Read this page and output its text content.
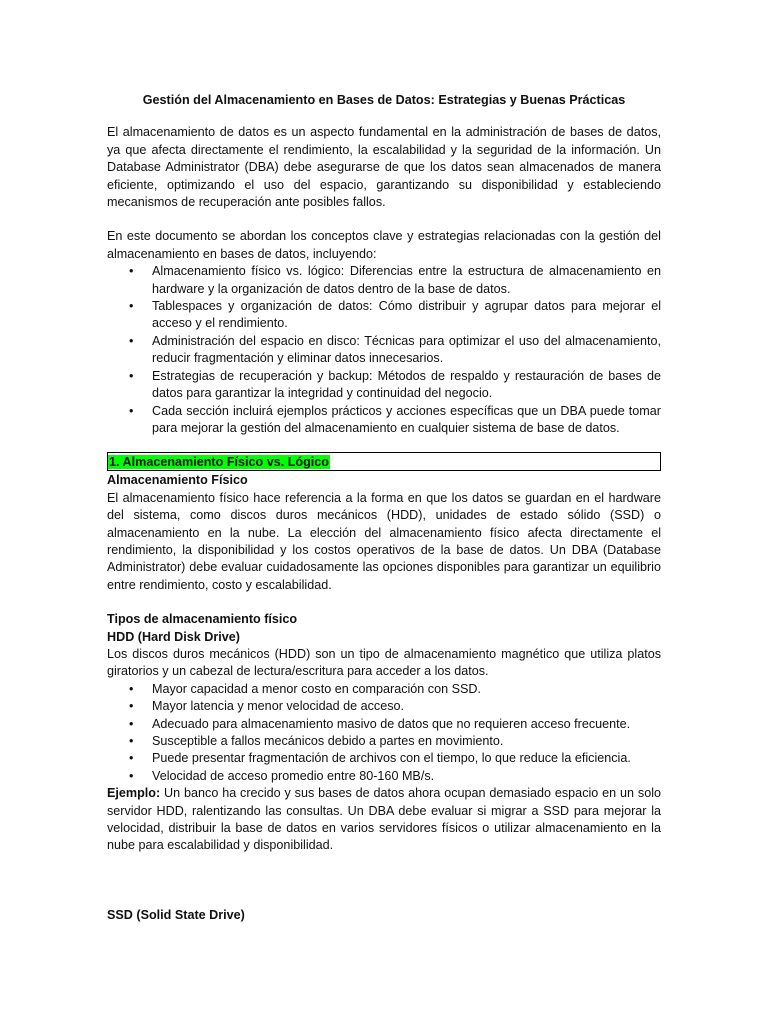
Gestión del Almacenamiento en Bases de Datos: Estrategias y Buenas Prácticas

El almacenamiento de datos es un aspecto fundamental en la administración de bases de datos, ya que afecta directamente el rendimiento, la escalabilidad y la seguridad de la información. Un Database Administrator (DBA) debe asegurarse de que los datos sean almacenados de manera eficiente, optimizando el uso del espacio, garantizando su disponibilidad y estableciendo mecanismos de recuperación ante posibles fallos.

En este documento se abordan los conceptos clave y estrategias relacionadas con la gestión del almacenamiento en bases de datos, incluyendo:

• Almacenamiento físico vs. lógico: Diferencias entre la estructura de almacenamiento en hardware y la organización de datos dentro de la base de datos.
• Tablespaces y organización de datos: Cómo distribuir y agrupar datos para mejorar el acceso y el rendimiento.
• Administración del espacio en disco: Técnicas para optimizar el uso del almacenamiento, reducir fragmentación y eliminar datos innecesarios.
• Estrategias de recuperación y backup: Métodos de respaldo y restauración de bases de datos para garantizar la integridad y continuidad del negocio.
• Cada sección incluirá ejemplos prácticos y acciones específicas que un DBA puede tomar para mejorar la gestión del almacenamiento en cualquier sistema de base de datos.
1. Almacenamiento Físico vs. Lógico
Almacenamiento Físico

El almacenamiento físico hace referencia a la forma en que los datos se guardan en el hardware del sistema, como discos duros mecánicos (HDD), unidades de estado sólido (SSD) o almacenamiento en la nube. La elección del almacenamiento físico afecta directamente el rendimiento, la disponibilidad y los costos operativos de la base de datos. Un DBA (Database Administrator) debe evaluar cuidadosamente las opciones disponibles para garantizar un equilibrio entre rendimiento, costo y escalabilidad.

Tipos de almacenamiento físico
HDD (Hard Disk Drive)

Los discos duros mecánicos (HDD) son un tipo de almacenamiento magnético que utiliza platos giratorios y un cabezal de lectura/escritura para acceder a los datos.

• Mayor capacidad a menor costo en comparación con SSD.
• Mayor latencia y menor velocidad de acceso.
• Adecuado para almacenamiento masivo de datos que no requieren acceso frecuente.
• Susceptible a fallos mecánicos debido a partes en movimiento.
• Puede presentar fragmentación de archivos con el tiempo, lo que reduce la eficiencia.
• Velocidad de acceso promedio entre 80-160 MB/s.

Ejemplo: Un banco ha crecido y sus bases de datos ahora ocupan demasiado espacio en un solo servidor HDD, ralentizando las consultas. Un DBA debe evaluar si migrar a SSD para mejorar la velocidad, distribuir la base de datos en varios servidores físicos o utilizar almacenamiento en la nube para escalabilidad y disponibilidad.

SSD (Solid State Drive)
